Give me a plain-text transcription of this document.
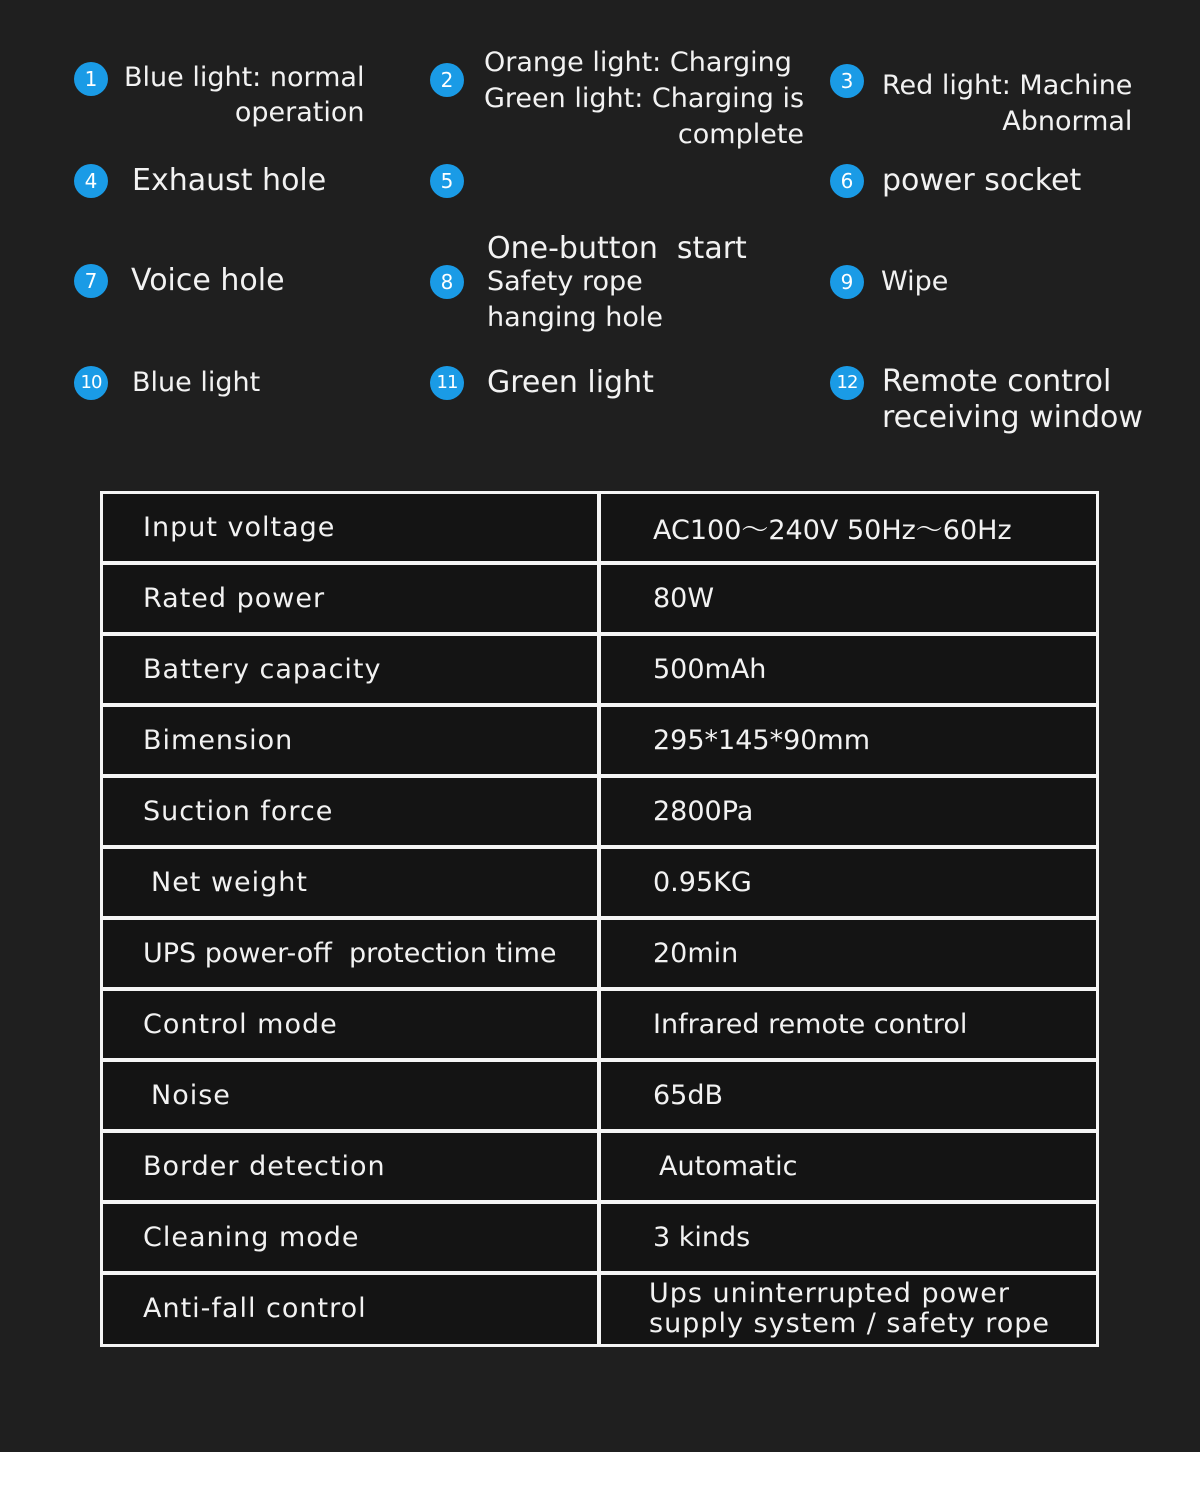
1 Blue light: normal
operation
2
Orange light: Charging
Green light: Charging is
complete
3	Red light: Machine
Abnormal
4	Exhaust hole	5

One-button  start

6 power socket
7	Voice hole	8	Safety rope
hanging hole
9	Wipe
10 Blue light	11 Green light	12 Remote control
receiving window
Input voltage	AC100～240V 50Hz～60Hz
Rated power	80W
Battery capacity	500mAh
Bimension	295*145*90mm
Suction force	2800Pa
Net weight	0.95KG
UPS power-off  protection time	20min
Control mode	Infrared remote control
Noise	65dB
Border detection	Automatic
Cleaning mode	3 kinds
Anti-fall control	Ups uninterrupted power
supply system / safety rope
